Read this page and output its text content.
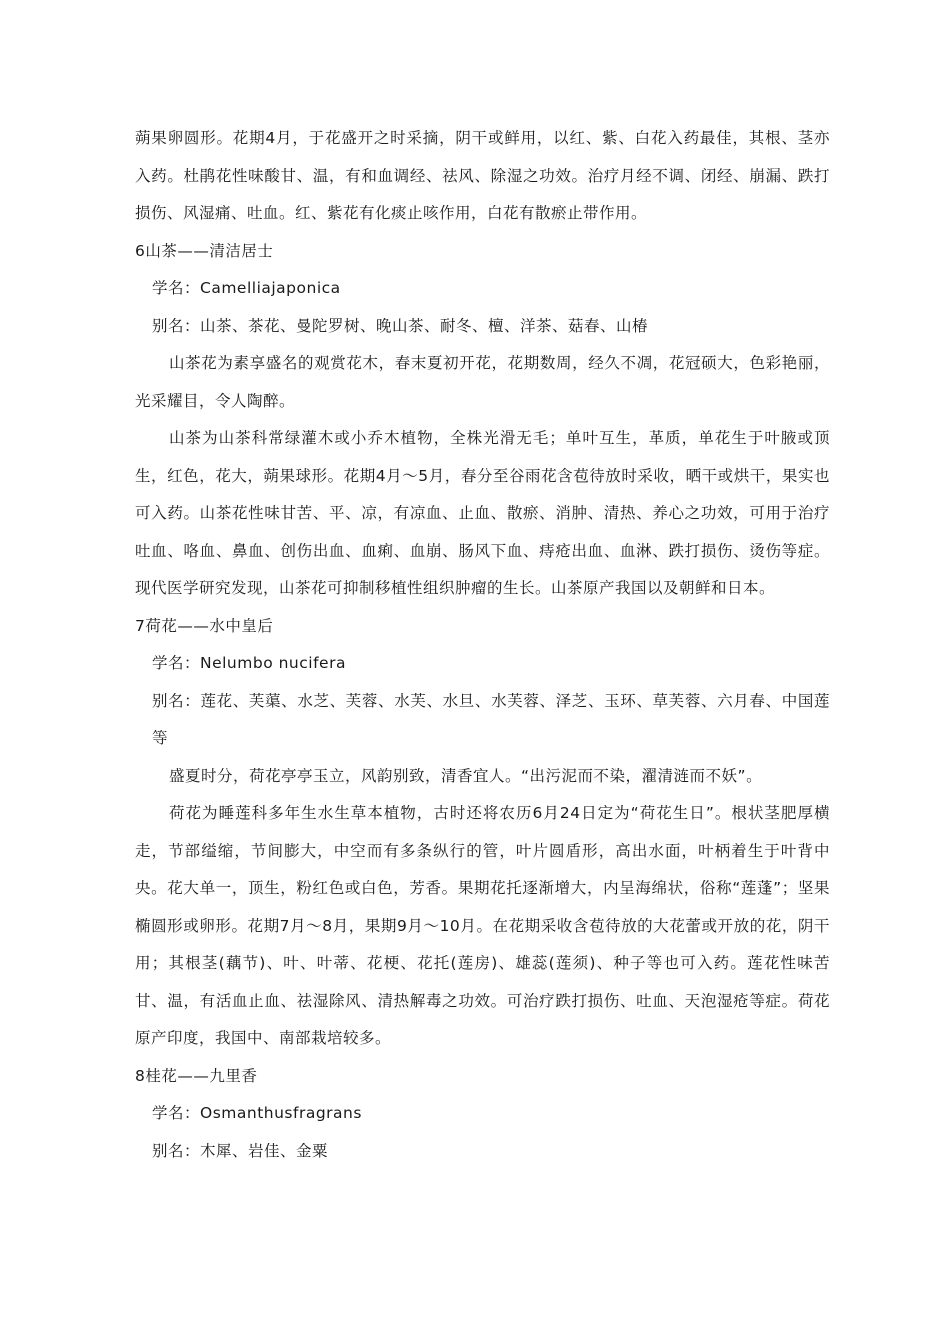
蒴果卵圆形。花期4月，于花盛开之时采摘，阴干或鲜用，以红、紫、白花入药最佳，其根、茎亦入药。杜鹃花性味酸甘、温，有和血调经、祛风、除湿之功效。治疗月经不调、闭经、崩漏、跌打损伤、风湿痛、吐血。红、紫花有化痰止咳作用，白花有散瘀止带作用。

6山茶——清洁居士

学名：Camelliajaponica

别名：山茶、茶花、曼陀罗树、晚山茶、耐冬、檀、洋茶、菇春、山椿

山茶花为素享盛名的观赏花木，春末夏初开花，花期数周，经久不凋，花冠硕大，色彩艳丽，光采耀目，令人陶醉。

山茶为山茶科常绿灌木或小乔木植物，全株光滑无毛；单叶互生，革质，单花生于叶腋或顶生，红色，花大，蒴果球形。花期4月～5月，春分至谷雨花含苞待放时采收，晒干或烘干，果实也可入药。山茶花性味甘苦、平、凉，有凉血、止血、散瘀、消肿、清热、养心之功效，可用于治疗吐血、咯血、鼻血、创伤出血、血痢、血崩、肠风下血、痔疮出血、血淋、跌打损伤、烫伤等症。现代医学研究发现，山茶花可抑制移植性组织肿瘤的生长。山茶原产我国以及朝鲜和日本。

7荷花——水中皇后

学名：Nelumbo nucifera

别名：莲花、芙蕖、水芝、芙蓉、水芙、水旦、水芙蓉、泽芝、玉环、草芙蓉、六月春、中国莲等

盛夏时分，荷花亭亭玉立，风韵别致，清香宜人。“出污泥而不染，濯清涟而不妖”。

荷花为睡莲科多年生水生草本植物，古时还将农历6月24日定为“荷花生日”。根状茎肥厚横走，节部缢缩，节间膨大，中空而有多条纵行的管，叶片圆盾形，高出水面，叶柄着生于叶背中央。花大单一，顶生，粉红色或白色，芳香。果期花托逐渐增大，内呈海绵状，俗称“莲蓬”；坚果椭圆形或卵形。花期7月～8月，果期9月～10月。在花期采收含苞待放的大花蕾或开放的花，阴干用；其根茎(藕节)、叶、叶蒂、花梗、花托(莲房)、雄蕊(莲须)、种子等也可入药。莲花性味苦甘、温，有活血止血、祛湿除风、清热解毒之功效。可治疗跌打损伤、吐血、天泡湿疮等症。荷花原产印度，我国中、南部栽培较多。

8桂花——九里香

学名：Osmanthusfragrans

别名：木犀、岩佳、金粟
